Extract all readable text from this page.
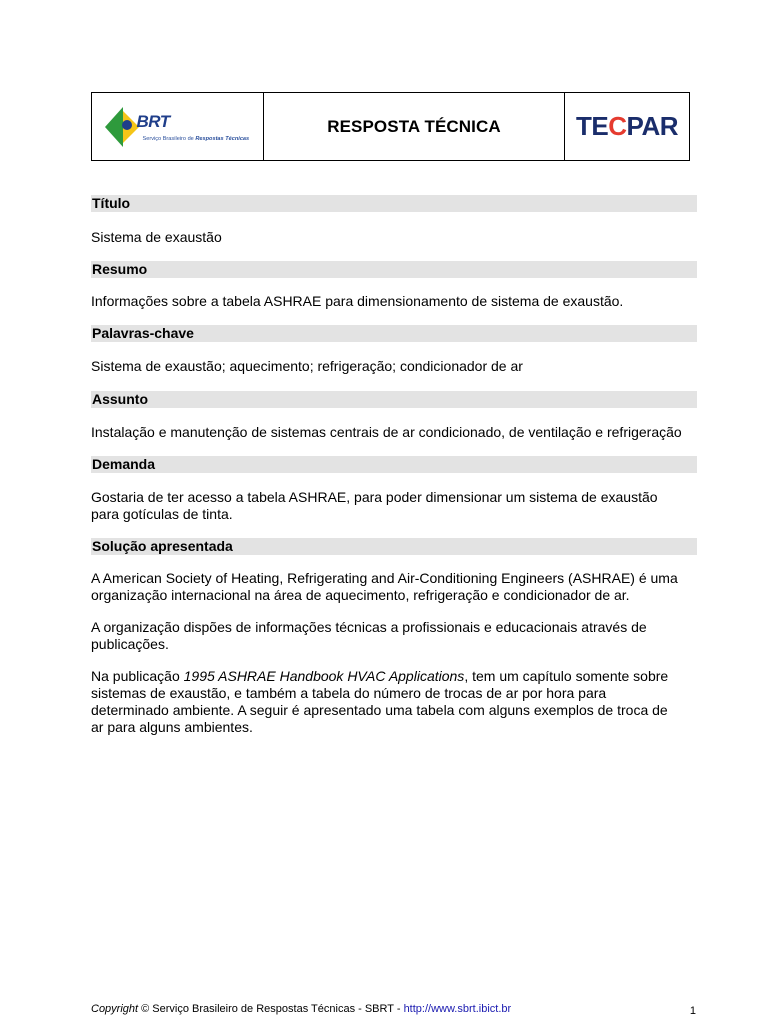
BRT
Serviço Brasileiro de Respostas Técnicas
RESPOSTA TÉCNICA	TECPAR
Título

Sistema de exaustão

Resumo

Informações sobre a tabela ASHRAE para dimensionamento de sistema de exaustão.

Palavras-chave

Sistema de exaustão; aquecimento; refrigeração; condicionador de ar

Assunto

Instalação e manutenção de sistemas centrais de ar condicionado, de ventilação e refrigeração

Demanda

Gostaria de ter acesso a tabela ASHRAE, para poder dimensionar um sistema de exaustão

para gotículas de tinta.

Solução apresentada

A American Society of Heating, Refrigerating and Air-Conditioning Engineers (ASHRAE) é uma

organização internacional na área de aquecimento, refrigeração e condicionador de ar.

A organização dispões de informações técnicas a profissionais e educacionais através de

publicações.

Na publicação 1995 ASHRAE Handbook HVAC Applications, tem um capítulo somente sobre

sistemas de exaustão, e também a tabela do número de trocas de ar por hora para

determinado ambiente. A seguir é apresentado uma tabela com alguns exemplos de troca de

ar para alguns ambientes.

Copyright © Serviço Brasileiro de Respostas Técnicas - SBRT - http://www.sbrt.ibict.br	1
